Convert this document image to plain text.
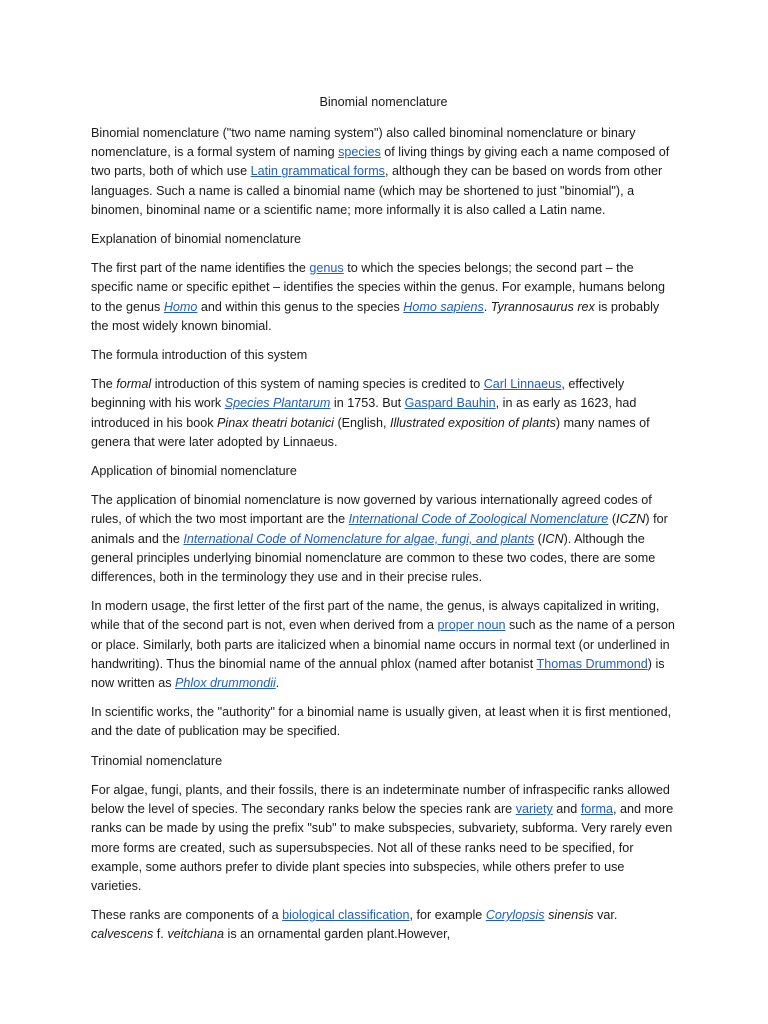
Binomial nomenclature

Binomial nomenclature ("two name naming system") also called binominal nomenclature or binary nomenclature, is a formal system of naming species of living things by giving each a name composed of two parts, both of which use Latin grammatical forms, although they can be based on words from other languages. Such a name is called a binomial name (which may be shortened to just "binomial"), a binomen, binominal name or a scientific name; more informally it is also called a Latin name.

Explanation of binomial nomenclature

The first part of the name identifies the genus to which the species belongs; the second part – the specific name or specific epithet – identifies the species within the genus. For example, humans belong to the genus Homo and within this genus to the species Homo sapiens. Tyrannosaurus rex is probably the most widely known binomial.

The formula introduction of this system

The formal introduction of this system of naming species is credited to Carl Linnaeus, effectively beginning with his work Species Plantarum in 1753. But Gaspard Bauhin, in as early as 1623, had introduced in his book Pinax theatri botanici (English, Illustrated exposition of plants) many names of genera that were later adopted by Linnaeus.

Application of binomial nomenclature

The application of binomial nomenclature is now governed by various internationally agreed codes of rules, of which the two most important are the International Code of Zoological Nomenclature (ICZN) for animals and the International Code of Nomenclature for algae, fungi, and plants (ICN). Although the general principles underlying binomial nomenclature are common to these two codes, there are some differences, both in the terminology they use and in their precise rules.

In modern usage, the first letter of the first part of the name, the genus, is always capitalized in writing, while that of the second part is not, even when derived from a proper noun such as the name of a person or place. Similarly, both parts are italicized when a binomial name occurs in normal text (or underlined in handwriting). Thus the binomial name of the annual phlox (named after botanist Thomas Drummond) is now written as Phlox drummondii.

In scientific works, the "authority" for a binomial name is usually given, at least when it is first mentioned, and the date of publication may be specified.

Trinomial nomenclature

For algae, fungi, plants, and their fossils, there is an indeterminate number of infraspecific ranks allowed below the level of species. The secondary ranks below the species rank are variety and forma, and more ranks can be made by using the prefix "sub" to make subspecies, subvariety, subforma. Very rarely even more forms are created, such as supersubspecies. Not all of these ranks need to be specified, for example, some authors prefer to divide plant species into subspecies, while others prefer to use varieties.

These ranks are components of a biological classification, for example Corylopsis sinensis var. calvescens f. veitchiana is an ornamental garden plant.However,
